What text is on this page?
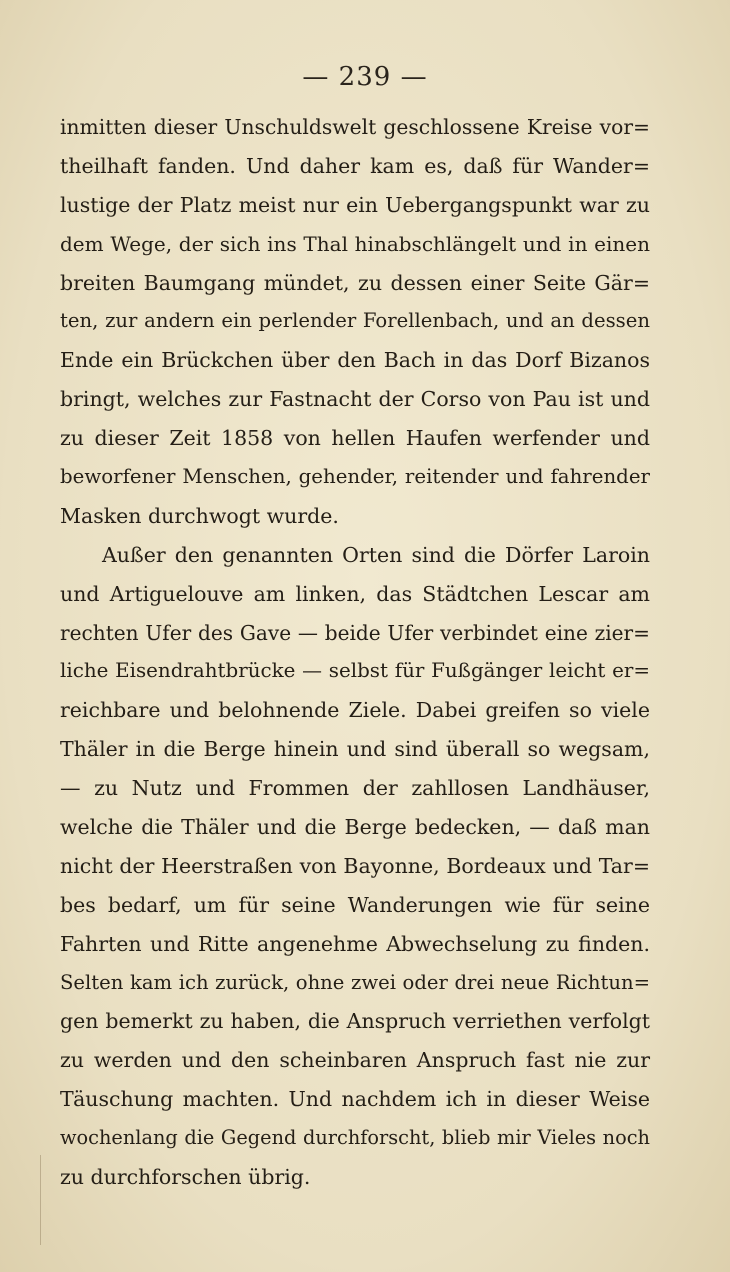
— 239 —
inmitten dieser Unschuldswelt geschlossene Kreise vor=
theilhaft fanden. Und daher kam es, daß für Wander=
lustige der Platz meist nur ein Uebergangspunkt war zu
dem Wege, der sich ins Thal hinabschlängelt und in einen
breiten Baumgang mündet, zu dessen einer Seite Gär=
ten, zur andern ein perlender Forellenbach, und an dessen
Ende ein Brückchen über den Bach in das Dorf Bizanos
bringt, welches zur Fastnacht der Corso von Pau ist und
zu dieser Zeit 1858 von hellen Haufen werfender und
beworfener Menschen, gehender, reitender und fahrender
Masken durchwogt wurde.
Außer den genannten Orten sind die Dörfer Laroin
und Artiguelouve am linken, das Städtchen Lescar am
rechten Ufer des Gave — beide Ufer verbindet eine zier=
liche Eisendrahtbrücke — selbst für Fußgänger leicht er=
reichbare und belohnende Ziele. Dabei greifen so viele
Thäler in die Berge hinein und sind überall so wegsam,
— zu Nutz und Frommen der zahllosen Landhäuser,
welche die Thäler und die Berge bedecken, — daß man
nicht der Heerstraßen von Bayonne, Bordeaux und Tar=
bes bedarf, um für seine Wanderungen wie für seine
Fahrten und Ritte angenehme Abwechselung zu finden.
Selten kam ich zurück, ohne zwei oder drei neue Richtun=
gen bemerkt zu haben, die Anspruch verriethen verfolgt
zu werden und den scheinbaren Anspruch fast nie zur
Täuschung machten. Und nachdem ich in dieser Weise
wochenlang die Gegend durchforscht, blieb mir Vieles noch
zu durchforschen übrig.
